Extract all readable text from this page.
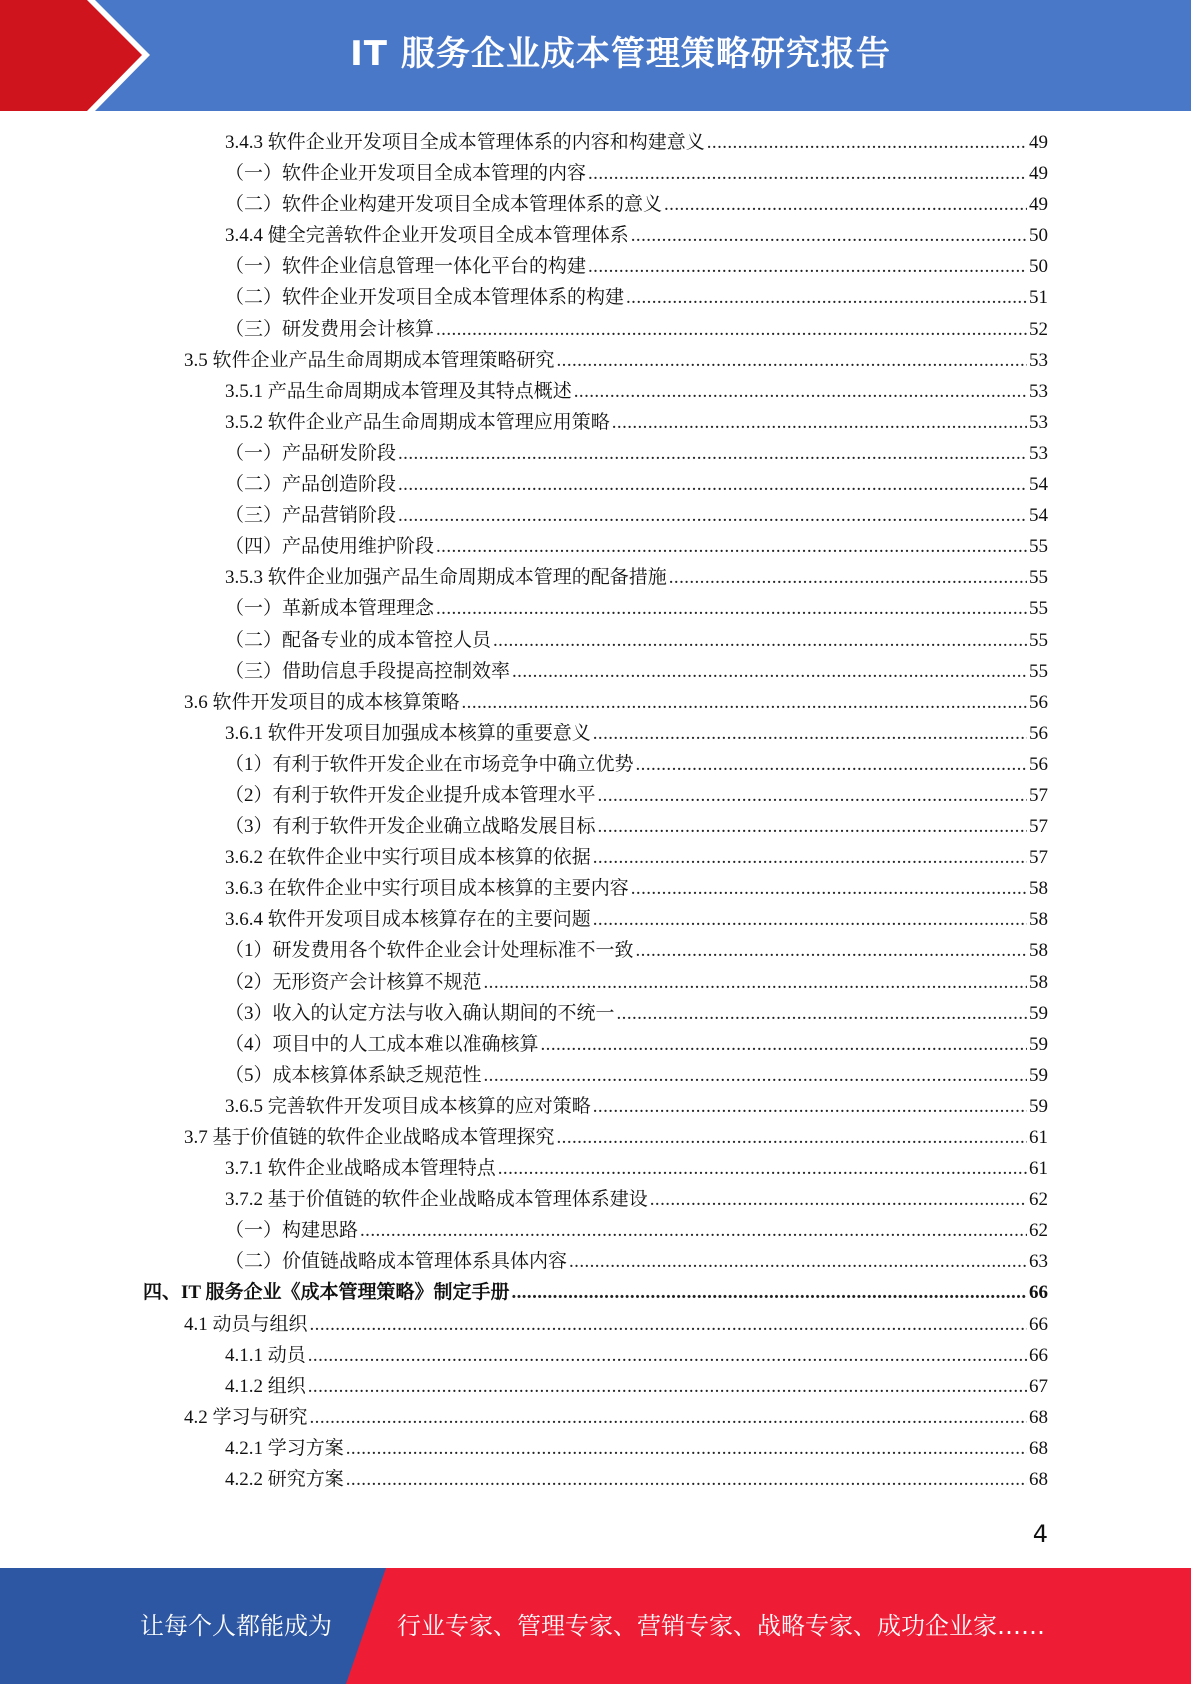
IT 服务企业成本管理策略研究报告
3.4.3 软件企业开发项目全成本管理体系的内容和构建意义 .....	49
（一）软件企业开发项目全成本管理的内容 .....	49
（二）软件企业构建开发项目全成本管理体系的意义 .....	49
3.4.4 健全完善软件企业开发项目全成本管理体系 .....	50
（一）软件企业信息管理一体化平台的构建 .....	50
（二）软件企业开发项目全成本管理体系的构建 .....	51
（三）研发费用会计核算 .....	52
3.5 软件企业产品生命周期成本管理策略研究 .....	53
3.5.1 产品生命周期成本管理及其特点概述 .....	53
3.5.2 软件企业产品生命周期成本管理应用策略 .....	53
（一）产品研发阶段 .....	53
（二）产品创造阶段 .....	54
（三）产品营销阶段 .....	54
（四）产品使用维护阶段 .....	55
3.5.3 软件企业加强产品生命周期成本管理的配备措施 .....	55
（一）革新成本管理理念 .....	55
（二）配备专业的成本管控人员 .....	55
（三）借助信息手段提高控制效率 .....	55
3.6 软件开发项目的成本核算策略 .....	56
3.6.1 软件开发项目加强成本核算的重要意义 .....	56
（1）有利于软件开发企业在市场竞争中确立优势 .....	56
（2）有利于软件开发企业提升成本管理水平 .....	57
（3）有利于软件开发企业确立战略发展目标 .....	57
3.6.2 在软件企业中实行项目成本核算的依据 .....	57
3.6.3 在软件企业中实行项目成本核算的主要内容 .....	58
3.6.4 软件开发项目成本核算存在的主要问题 .....	58
（1）研发费用各个软件企业会计处理标准不一致 .....	58
（2）无形资产会计核算不规范 .....	58
（3）收入的认定方法与收入确认期间的不统一 .....	59
（4）项目中的人工成本难以准确核算 .....	59
（5）成本核算体系缺乏规范性 .....	59
3.6.5 完善软件开发项目成本核算的应对策略 .....	59
3.7 基于价值链的软件企业战略成本管理探究 .....	61
3.7.1 软件企业战略成本管理特点 .....	61
3.7.2 基于价值链的软件企业战略成本管理体系建设 .....	62
（一）构建思路 .....	62
（二）价值链战略成本管理体系具体内容 .....	63
四、IT 服务企业《成本管理策略》制定手册 .....	66
4.1 动员与组织 .....	66
4.1.1 动员 .....	66
4.1.2 组织 .....	67
4.2 学习与研究 .....	68
4.2.1 学习方案 .....	68
4.2.2 研究方案 .....	68
4
让每个人都能成为	行业专家、管理专家、营销专家、战略专家、成功企业家……
